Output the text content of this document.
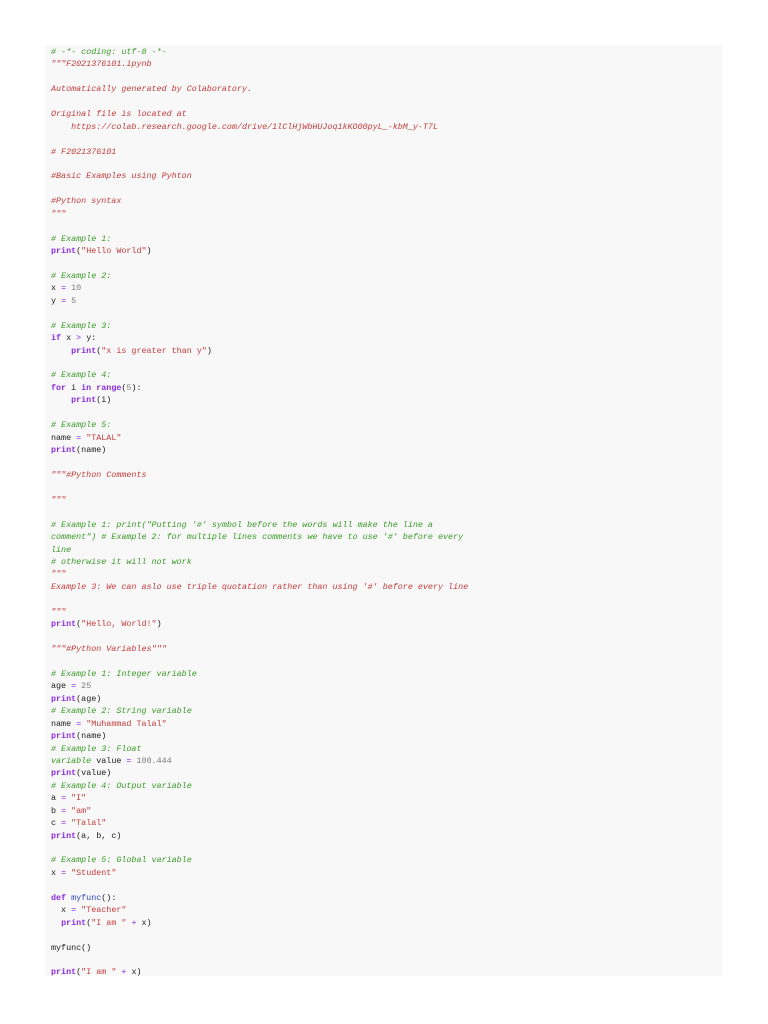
# -*- coding: utf-8 -*-
"""F2021376101.ipynb
Automatically generated by Colaboratory.
Original file is located at
https://colab.research.google.com/drive/1lClHjWbHUJoq1kKO00pyL_-kbM_y-T7L
# F2021376101
#Basic Examples using Pyhton
#Python syntax
"""
# Example 1:
print("Hello World")
# Example 2:
x = 10
y = 5
# Example 3:
if x > y:
print("x is greater than y")
# Example 4:
for i in range(5):
print(i)
# Example 5:
name = "TALAL"
print(name)
"""#Python Comments
"""
# Example 1: print("Putting '#' symbol before the words will make the line a
comment") # Example 2: for multiple lines comments we have to use '#' before every
line
# otherwise it will not work
"""
Example 3: We can aslo use triple quotation rather than using '#' before every line
"""
print("Hello, World!")
"""#Python Variables"""
# Example 1: Integer variable
age = 25
print(age)
# Example 2: String variable
name = "Muhammad Talal"
print(name)
# Example 3: Float
variable value = 100.444
print(value)
# Example 4: Output variable
a = "I"
b = "am"
c = "Talal"
print(a, b, c)
# Example 5: Global variable
x = "Student"
def myfunc():
x = "Teacher"
print("I am " + x)
myfunc()
print("I am " + x)
